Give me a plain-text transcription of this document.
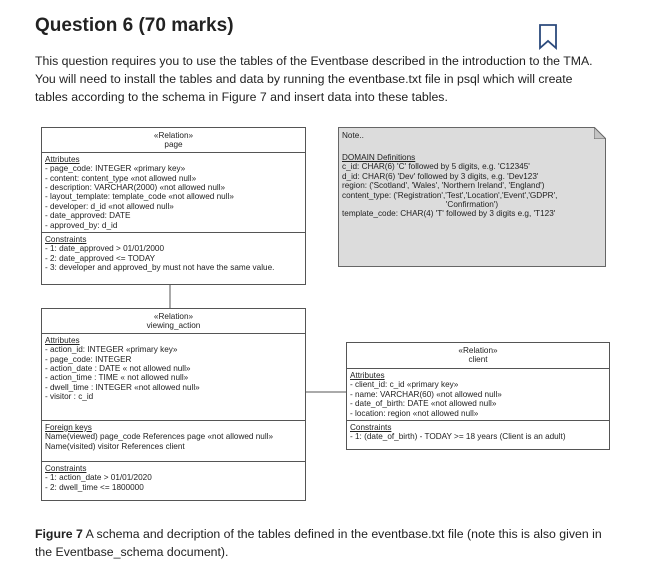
Question 6 (70 marks)

This question requires you to use the tables of the Eventbase described in the introduction to the TMA. You will need to install the tables and data by running the eventbase.txt file in psql which will create tables according to the schema in Figure 7 and insert data into these tables.

«Relation»
page
Attributes
- page_code: INTEGER «primary key»
- content: content_type «not allowed null»
- description: VARCHAR(2000) «not allowed null»
- layout_template: template_code «not allowed null»
- developer: d_id «not allowed null»
- date_approved: DATE
- approved_by: d_id
Constraints
- 1: date_approved > 01/01/2000
- 2: date_approved <= TODAY
- 3: developer and approved_by must not have the same value.
Note..
DOMAIN Definitions
c_id: CHAR(6) 'C' followed by 5 digits, e.g. 'C12345'
d_id: CHAR(6) 'Dev' followed by 3 digits, e.g. 'Dev123'
region: ('Scotland', 'Wales', 'Northern Ireland', 'England')
content_type: ('Registration','Test','Location','Event','GDPR',
'Confirmation')
template_code: CHAR(4) 'T' followed by 3 digits e.g, 'T123'
«Relation»
viewing_action
Attributes
- action_id: INTEGER «primary key»
- page_code: INTEGER
- action_date : DATE « not allowed null»
- action_time : TIME « not allowed null»
- dwell_time : INTEGER «not allowed null»
- visitor : c_id
Foreign keys
Name(viewed) page_code References page «not allowed null»
Name(visited) visitor References client
Constraints
- 1: action_date > 01/01/2020
- 2: dwell_time <= 1800000
«Relation»
client
Attributes
- client_id: c_id «primary key»
- name: VARCHAR(60) «not allowed null»
- date_of_birth: DATE «not allowed null»
- location: region «not allowed null»
Constraints
- 1: (date_of_birth) - TODAY >= 18 years (Client is an adult)

Figure 7 A schema and decription of the tables defined in the eventbase.txt file (note this is also given in the Eventbase_schema document).
